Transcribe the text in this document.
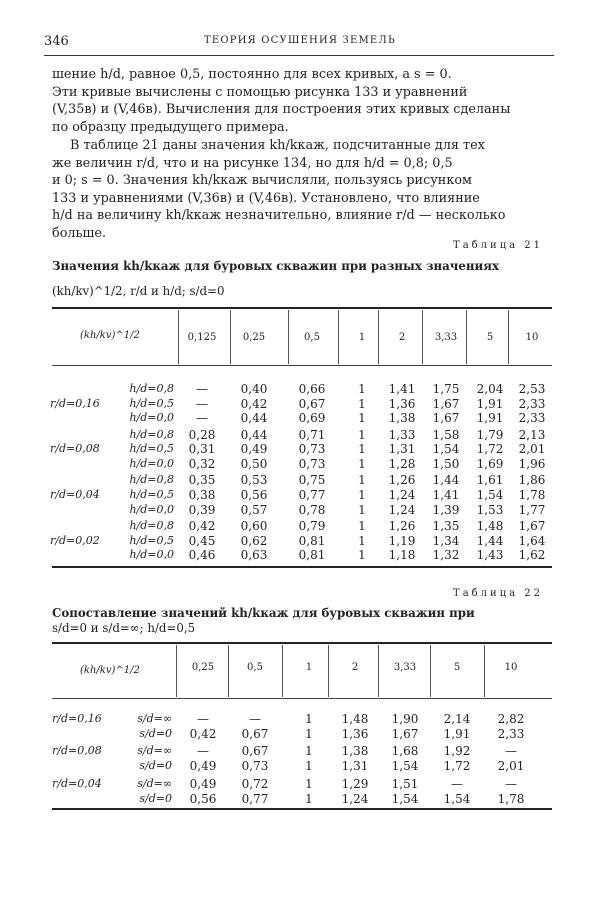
346	ТЕОРИЯ ОСУШЕНИЯ ЗЕМЕЛЬ
шение h/d, равное 0,5, постоянно для всех кривых, а s = 0.
Эти кривые вычислены с помощью рисунка 133 и уравнений
(V,35в) и (V,46в). Вычисления для построения этих кривых сделаны
по образцу предыдущего примера.
В таблице 21 даны значения kh/kкаж, подсчитанные для тех
же величин r/d, что и на рисунке 134, но для h/d = 0,8; 0,5
и 0; s = 0. Значения kh/kкаж вычисляли, пользуясь рисунком
133 и уравнениями (V,36в) и (V,46в). Установлено, что влияние
h/d на величину kh/kкаж незначительно, влияние r/d — несколько
больше.
Таблица 21
Значения kh/kкаж для буровых скважин при разных значениях
(kh/kv)^1/2, r/d и h/d; s/d=0
(kh/kv)^1/2
Таблица 22
Сопоставление значений kh/kкаж для буровых скважин при
s/d=0 и s/d=∞; h/d=0,5
(kh/kv)^1/2
0,125	0,25	0,5	1	2	3,33	5	10
h/d=0,8	—	0,40	0,66	1	1,41	1,75	2,04	2,53
r/d=0,16	h/d=0,5	—	0,42	0,67	1	1,36	1,67	1,91	2,33
h/d=0,0	—	0,44	0,69	1	1,38	1,67	1,91	2,33
h/d=0,8	0,28	0,44	0,71	1	1,33	1,58	1,79	2,13
r/d=0,08	h/d=0,5	0,31	0,49	0,73	1	1,31	1,54	1,72	2,01
h/d=0,0	0,32	0,50	0,73	1	1,28	1,50	1,69	1,96
h/d=0,8	0,35	0,53	0,75	1	1,26	1,44	1,61	1,86
r/d=0,04	h/d=0,5	0,38	0,56	0,77	1	1,24	1,41	1,54	1,78
h/d=0,0	0,39	0,57	0,78	1	1,24	1,39	1,53	1,77
h/d=0,8	0,42	0,60	0,79	1	1,26	1,35	1,48	1,67
r/d=0,02	h/d=0,5	0,45	0,62	0,81	1	1,19	1,34	1,44	1,64
h/d=0,0	0,46	0,63	0,81	1	1,18	1,32	1,43	1,62
0,25	0,5	1	2	3,33	5	10
r/d=0,16	s/d=∞	—	—	1	1,48	1,90	2,14	2,82
s/d=0	0,42	0,67	1	1,36	1,67	1,91	2,33
r/d=0,08	s/d=∞	—	0,67	1	1,38	1,68	1,92	—
s/d=0	0,49	0,73	1	1,31	1,54	1,72	2,01
r/d=0,04	s/d=∞	0,49	0,72	1	1,29	1,51	—	—
s/d=0	0,56	0,77	1	1,24	1,54	1,54	1,78
